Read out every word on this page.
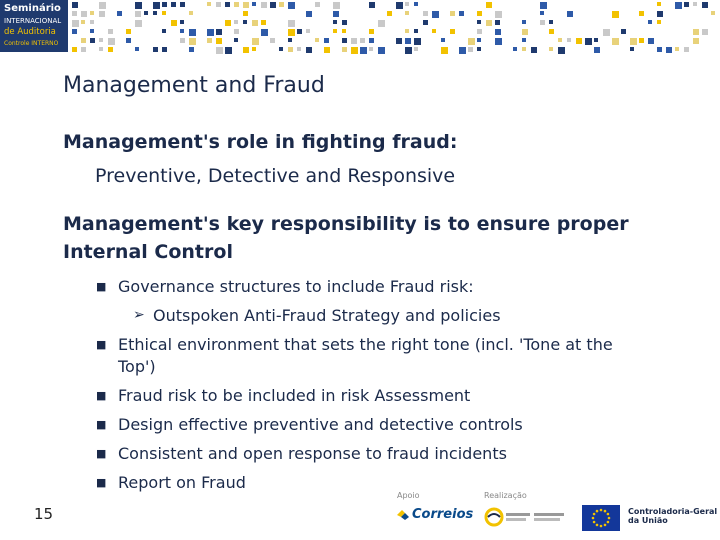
Seminário
INTERNACIONAL
de Auditoria
Controle INTERNO
Management and Fraud
Management's role in fighting fraud:
Preventive, Detective and Responsive
Management's key responsibility is to ensure proper
Internal Control
■ Governance structures to include Fraud risk:
➢ Outspoken Anti-Fraud Strategy and policies
■ Ethical environment that sets the right tone (incl. 'Tone at the
Top')
■ Fraud risk to be included in risk Assessment
■ Design effective preventive and detective controls
■ Consistent and open response to fraud incidents
■ Report on Fraud
15
Apoio	Realização
Correios	Controladoria-Geral
da União
